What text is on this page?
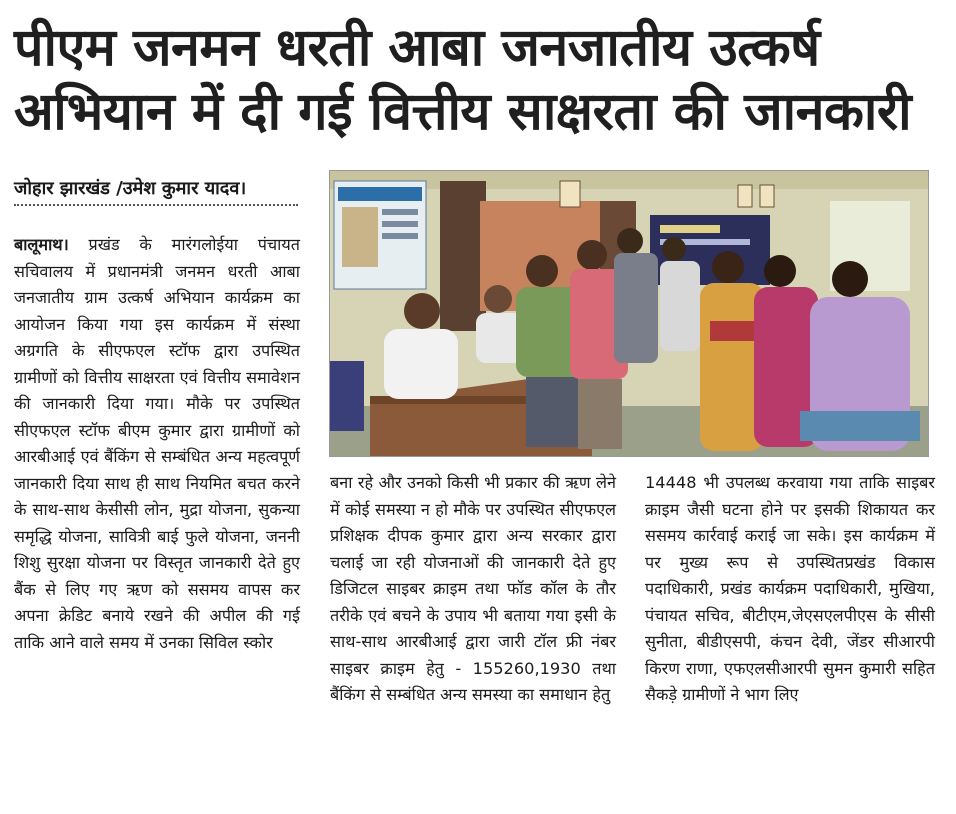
पीएम जनमन धरती आबा जनजातीय उत्कर्ष
अभियान में दी गई वित्तीय साक्षरता की जानकारी
जोहार झारखंड /उमेश कुमार यादव।
बालूमाथ। प्रखंड के मारंगलोईया पंचायत सचिवालय में प्रधानमंत्री जनमन धरती आबा जनजातीय ग्राम उत्कर्ष अभियान कार्यक्रम का आयोजन किया गया इस कार्यक्रम में संस्था अग्रगति के सीएफएल स्टॉफ द्वारा उपस्थित ग्रामीणों को वित्तीय साक्षरता एवं वित्तीय समावेशन की जानकारी दिया गया। मौके पर उपस्थित सीएफएल स्टॉफ बीएम कुमार द्वारा ग्रामीणों को आरबीआई एवं बैंकिंग से सम्बंधित अन्य महत्वपूर्ण जानकारी दिया साथ ही साथ नियमित बचत करने के साथ-साथ केसीसी लोन, मुद्रा योजना, सुकन्या समृद्धि योजना, सावित्री बाई फुले योजना, जननी शिशु सुरक्षा योजना पर विस्तृत जानकारी देते हुए बैंक से लिए गए ऋण को ससमय वापस कर अपना क्रेडिट बनाये रखने की अपील की गई ताकि आने वाले समय में उनका सिविल स्कोर
बना रहे और उनको किसी भी प्रकार की ऋण लेने में कोई समस्या न हो मौके पर उपस्थित सीएफएल प्रशिक्षक दीपक कुमार द्वारा अन्य सरकार द्वारा चलाई जा रही योजनाओं की जानकारी देते हुए डिजिटल साइबर क्राइम तथा फॉड कॉल के तौर तरीके एवं बचने के उपाय भी बताया गया इसी के साथ-साथ आरबीआई द्वारा जारी टॉल फ्री नंबर साइबर क्राइम हेतु - 155260,1930 तथा बैंकिंग से सम्बंधित अन्य समस्या का समाधान हेतु
14448 भी उपलब्ध करवाया गया ताकि साइबर क्राइम जैसी घटना होने पर इसकी शिकायत कर ससमय कार्रवाई कराई जा सके। इस कार्यक्रम में पर मुख्य रूप से उपस्थितप्रखंड विकास पदाधिकारी, प्रखंड कार्यक्रम पदाधिकारी, मुखिया, पंचायत सचिव, बीटीएम,जेएसएलपीएस के सीसी सुनीता, बीडीएसपी, कंचन देवी, जेंडर सीआरपी किरण राणा, एफएलसीआरपी सुमन कुमारी सहित सैकड़े ग्रामीणों ने भाग लिए
